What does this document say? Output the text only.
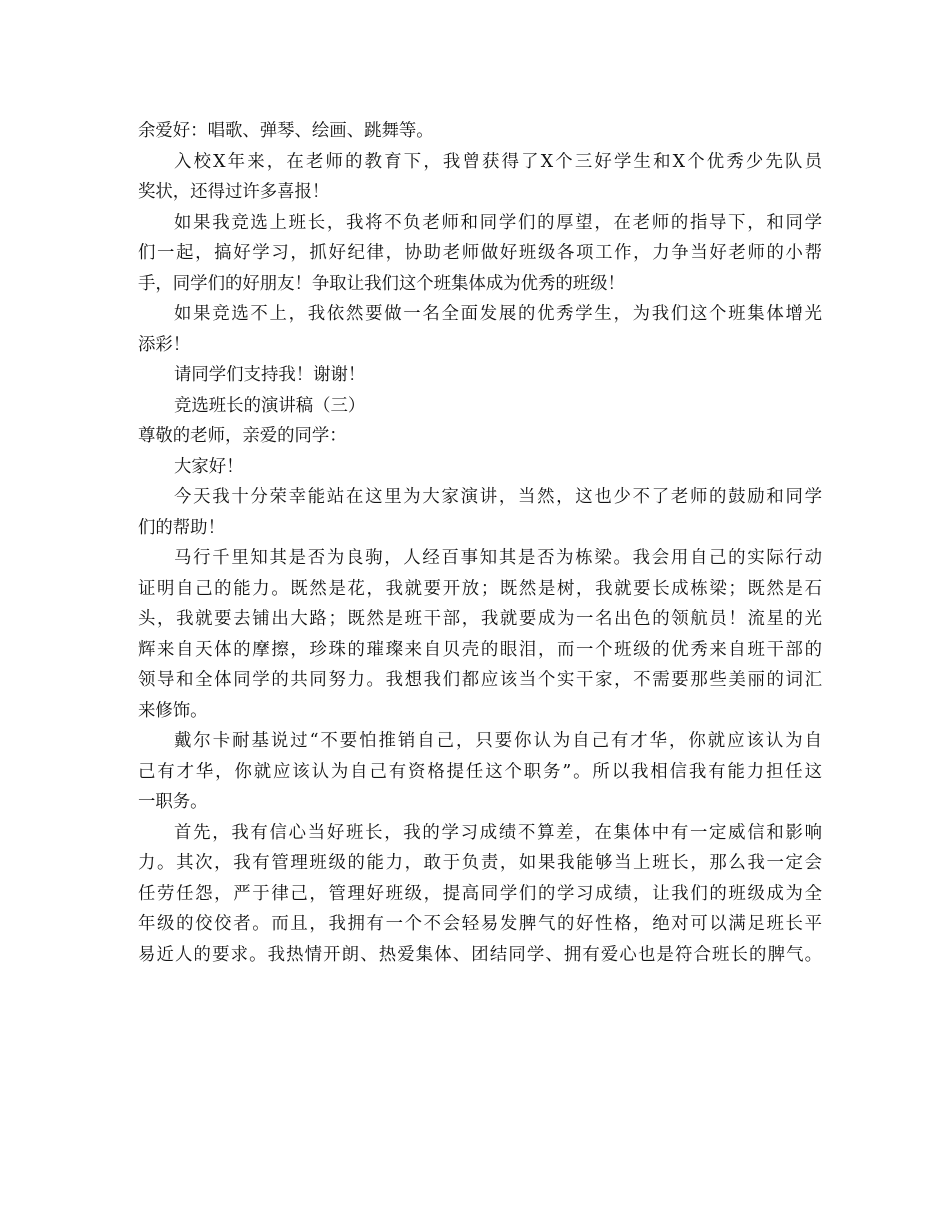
余爱好：唱歌、弹琴、绘画、跳舞等。
入校X年来，在老师的教育下，我曾获得了X个三好学生和X个优秀少先队员
奖状，还得过许多喜报！
如果我竞选上班长，我将不负老师和同学们的厚望，在老师的指导下，和同学
们一起，搞好学习，抓好纪律，协助老师做好班级各项工作，力争当好老师的小帮
手，同学们的好朋友！争取让我们这个班集体成为优秀的班级！
如果竞选不上，我依然要做一名全面发展的优秀学生，为我们这个班集体增光
添彩！
请同学们支持我！谢谢！
竞选班长的演讲稿（三）
尊敬的老师，亲爱的同学：
大家好！
今天我十分荣幸能站在这里为大家演讲，当然，这也少不了老师的鼓励和同学
们的帮助！
马行千里知其是否为良驹，人经百事知其是否为栋梁。我会用自己的实际行动
证明自己的能力。既然是花，我就要开放；既然是树，我就要长成栋梁；既然是石
头，我就要去铺出大路；既然是班干部，我就要成为一名出色的领航员！流星的光
辉来自天体的摩擦，珍珠的璀璨来自贝壳的眼泪，而一个班级的优秀来自班干部的
领导和全体同学的共同努力。我想我们都应该当个实干家，不需要那些美丽的词汇
来修饰。
戴尔卡耐基说过“不要怕推销自己，只要你认为自己有才华，你就应该认为自
己有才华，你就应该认为自己有资格提任这个职务”。所以我相信我有能力担任这
一职务。
首先，我有信心当好班长，我的学习成绩不算差，在集体中有一定威信和影响
力。其次，我有管理班级的能力，敢于负责，如果我能够当上班长，那么我一定会
任劳任怨，严于律己，管理好班级，提高同学们的学习成绩，让我们的班级成为全
年级的佼佼者。而且，我拥有一个不会轻易发脾气的好性格，绝对可以满足班长平
易近人的要求。我热情开朗、热爱集体、团结同学、拥有爱心也是符合班长的脾气。
